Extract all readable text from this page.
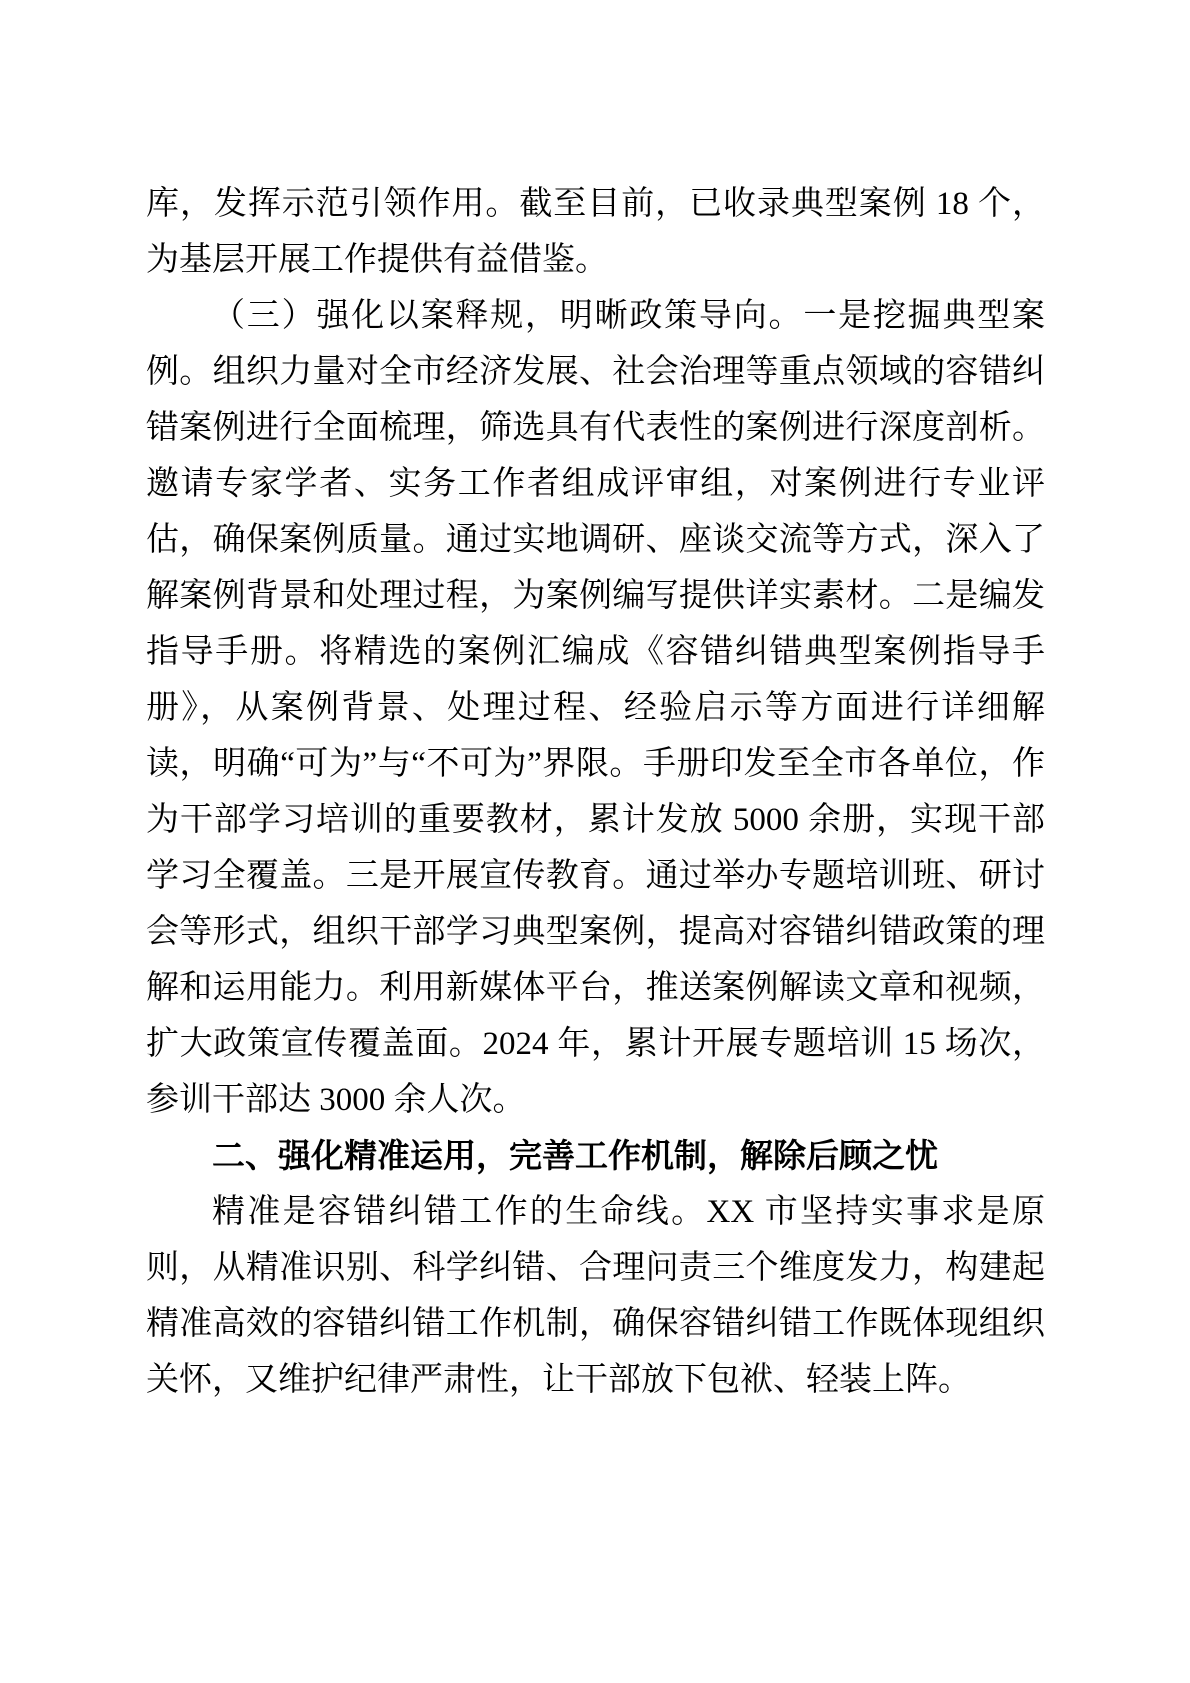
库，发挥示范引领作用。截至目前，已收录典型案例 18 个，为基层开展工作提供有益借鉴。

（三）强化以案释规，明晰政策导向。一是挖掘典型案例。组织力量对全市经济发展、社会治理等重点领域的容错纠错案例进行全面梳理，筛选具有代表性的案例进行深度剖析。邀请专家学者、实务工作者组成评审组，对案例进行专业评估，确保案例质量。通过实地调研、座谈交流等方式，深入了解案例背景和处理过程，为案例编写提供详实素材。二是编发指导手册。将精选的案例汇编成《容错纠错典型案例指导手册》，从案例背景、处理过程、经验启示等方面进行详细解读，明确“可为”与“不可为”界限。手册印发至全市各单位，作为干部学习培训的重要教材，累计发放 5000 余册，实现干部学习全覆盖。三是开展宣传教育。通过举办专题培训班、研讨会等形式，组织干部学习典型案例，提高对容错纠错政策的理解和运用能力。利用新媒体平台，推送案例解读文章和视频，扩大政策宣传覆盖面。2024 年，累计开展专题培训 15 场次，参训干部达 3000 余人次。

二、强化精准运用，完善工作机制，解除后顾之忧

精准是容错纠错工作的生命线。XX 市坚持实事求是原则，从精准识别、科学纠错、合理问责三个维度发力，构建起精准高效的容错纠错工作机制，确保容错纠错工作既体现组织关怀，又维护纪律严肃性，让干部放下包袱、轻装上阵。
